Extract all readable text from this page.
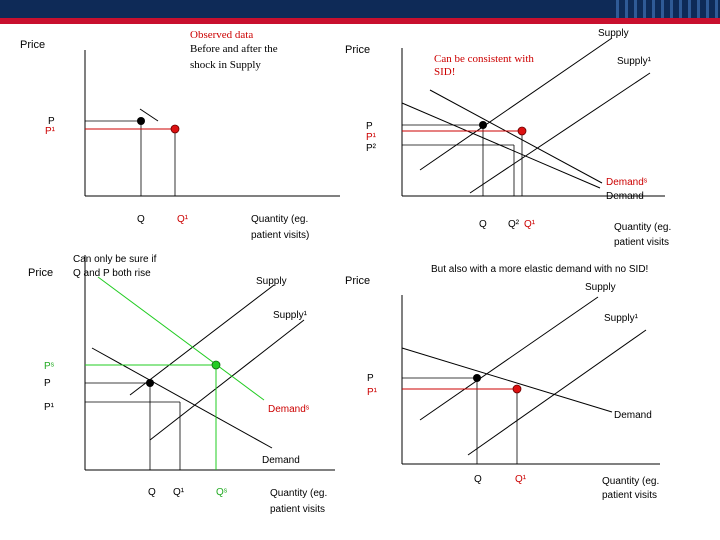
Price
Observed data
Before and after the
shock in Supply
P
P¹
Q	Q¹	Quantity (eg.
patient visits)
Price
Supply
Supply¹
Demandˢ
Demand
Can be consistent with
SID!
P
P¹
P²
Q Q² Q¹	Quantity (eg.
patient visits
Price
Can only be sure if
Q and P both rise
Supply
Supply¹
Demandˢ
Demand
Pˢ
P
P¹
Q Q¹	Qˢ	Quantity (eg.
patient visits
Price
But also with a more elastic demand with no SID!
Supply
Supply¹
Demand
P
P¹
Q	Q¹	Quantity (eg.
patient visits
